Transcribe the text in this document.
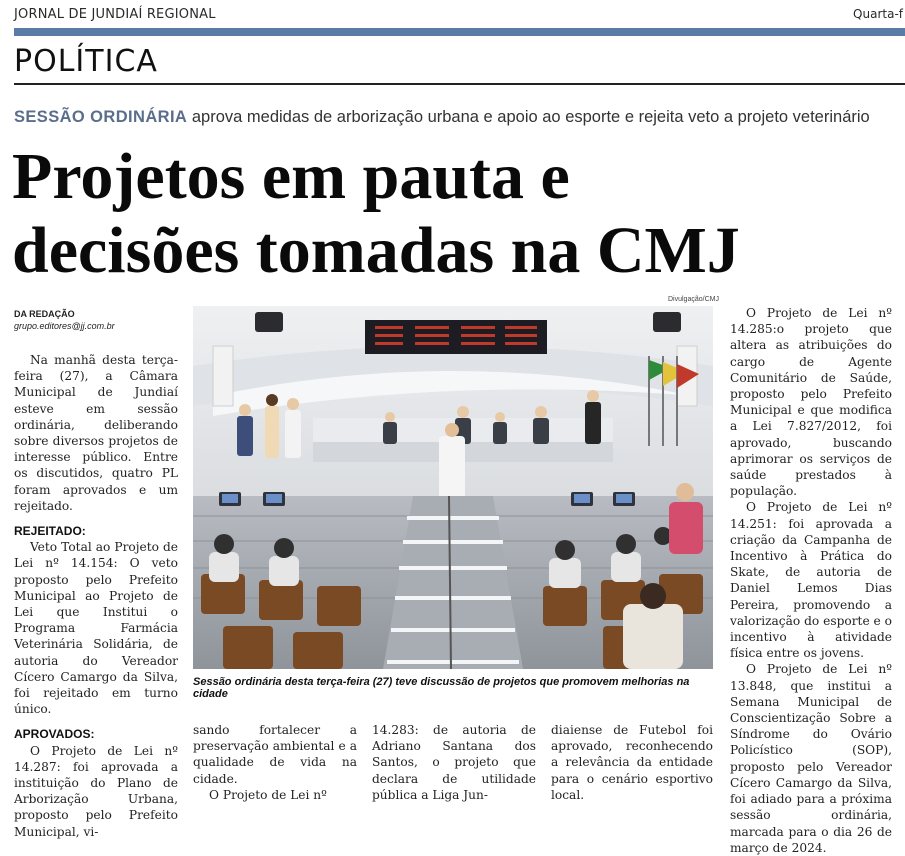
JORNAL DE JUNDIAÍ REGIONAL	Quarta-f
POLÍTICA
SESSÃO ORDINÁRIA aprova medidas de arborização urbana e apoio ao esporte e rejeita veto a projeto veterinário
Projetos em pauta e
decisões tomadas na CMJ
DA REDAÇÃO
grupo.editores@jj.com.br

Na manhã desta terça-feira (27), a Câmara Municipal de Jundiaí esteve em sessão ordinária, deliberando sobre diversos projetos de interesse público. Entre os discutidos, quatro PL foram aprovados e um rejeitado.

REJEITADO:

Veto Total ao Projeto de Lei nº 14.154: O veto proposto pelo Prefeito Municipal ao Projeto de Lei que Institui o Programa Farmácia Veterinária Solidária, de autoria do Vereador Cícero Camargo da Silva, foi rejeitado em turno único.

APROVADOS:

O Projeto de Lei nº 14.287: foi aprovada a instituição do Plano de Arborização Urbana, proposto pelo Prefeito Municipal, vi-

Divulgação/CMJ
Sessão ordinária desta terça-feira (27) teve discussão de projetos que promovem melhorias na cidade

sando fortalecer a preservação ambiental e a qualidade de vida na cidade.

O Projeto de Lei nº

14.283: de autoria de Adriano Santana dos Santos, o projeto que declara de utilidade pública a Liga Jun-

diaiense de Futebol foi aprovado, reconhecendo a relevância da entidade para o cenário esportivo local.

O Projeto de Lei nº 14.285:o projeto que altera as atribuições do cargo de Agente Comunitário de Saúde, proposto pelo Prefeito Municipal e que modifica a Lei 7.827/2012, foi aprovado, buscando aprimorar os serviços de saúde prestados à população.

O Projeto de Lei nº 14.251: foi aprovada a criação da Campanha de Incentivo à Prática do Skate, de autoria de Daniel Lemos Dias Pereira, promovendo a valorização do esporte e o incentivo à atividade física entre os jovens.

O Projeto de Lei nº 13.848, que institui a Semana Municipal de Conscientização Sobre a Síndrome do Ovário Policístico (SOP), proposto pelo Vereador Cícero Camargo da Silva, foi adiado para a próxima sessão ordinária, marcada para o dia 26 de março de 2024.
